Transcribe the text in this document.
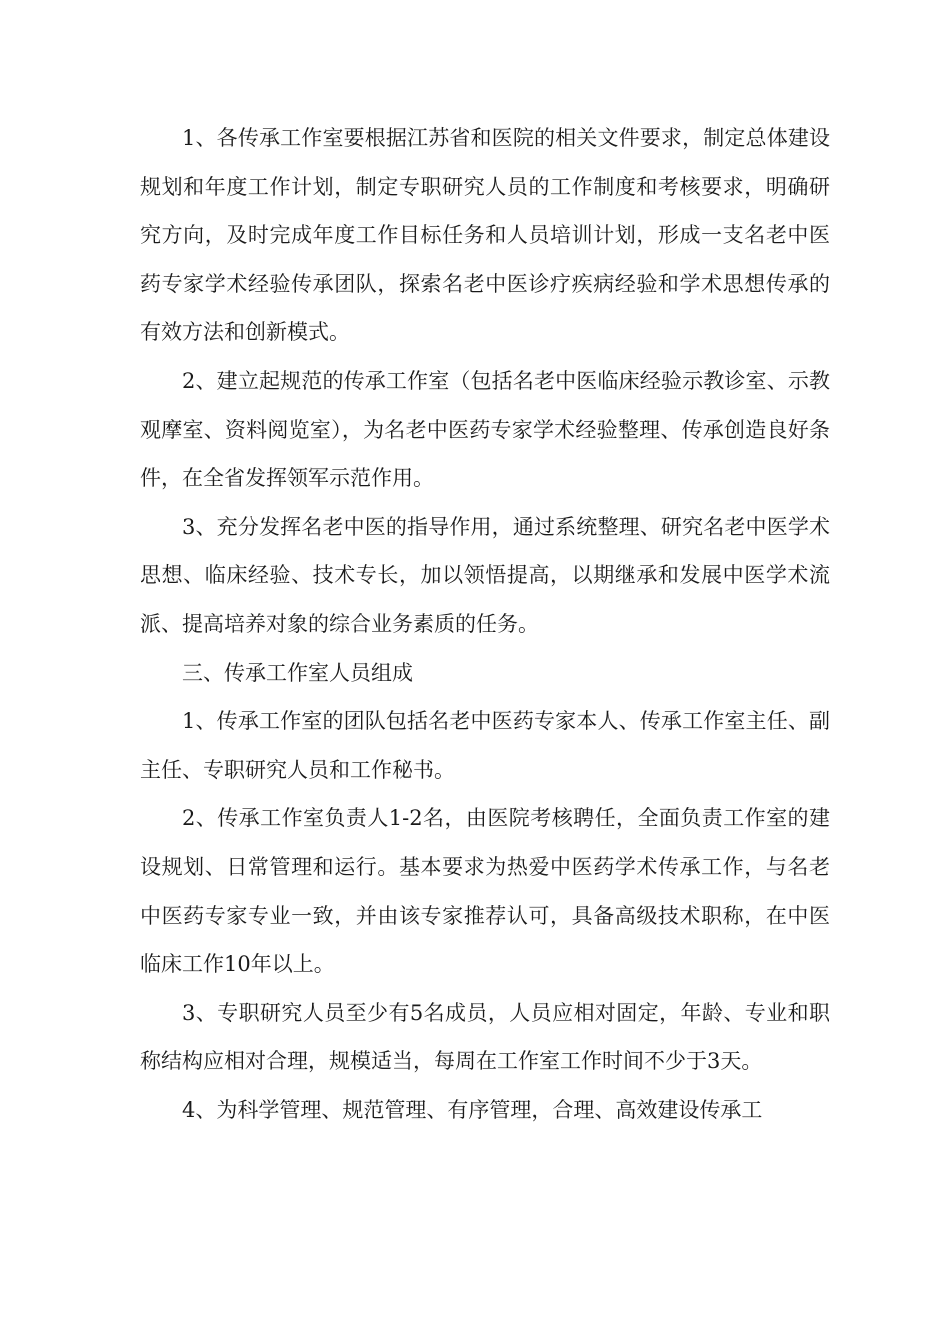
1、各传承工作室要根据江苏省和医院的相关文件要求，制定总体建设规划和年度工作计划，制定专职研究人员的工作制度和考核要求，明确研究方向，及时完成年度工作目标任务和人员培训计划，形成一支名老中医药专家学术经验传承团队，探索名老中医诊疗疾病经验和学术思想传承的有效方法和创新模式。

2、建立起规范的传承工作室（包括名老中医临床经验示教诊室、示教观摩室、资料阅览室），为名老中医药专家学术经验整理、传承创造良好条件，在全省发挥领军示范作用。

3、充分发挥名老中医的指导作用，通过系统整理、研究名老中医学术思想、临床经验、技术专长，加以领悟提高，以期继承和发展中医学术流派、提高培养对象的综合业务素质的任务。

三、传承工作室人员组成

1、传承工作室的团队包括名老中医药专家本人、传承工作室主任、副主任、专职研究人员和工作秘书。

2、传承工作室负责人1-2名，由医院考核聘任，全面负责工作室的建设规划、日常管理和运行。基本要求为热爱中医药学术传承工作，与名老中医药专家专业一致，并由该专家推荐认可，具备高级技术职称，在中医临床工作10年以上。

3、专职研究人员至少有5名成员，人员应相对固定，年龄、专业和职称结构应相对合理，规模适当，每周在工作室工作时间不少于3天。

4、为科学管理、规范管理、有序管理，合理、高效建设传承工
